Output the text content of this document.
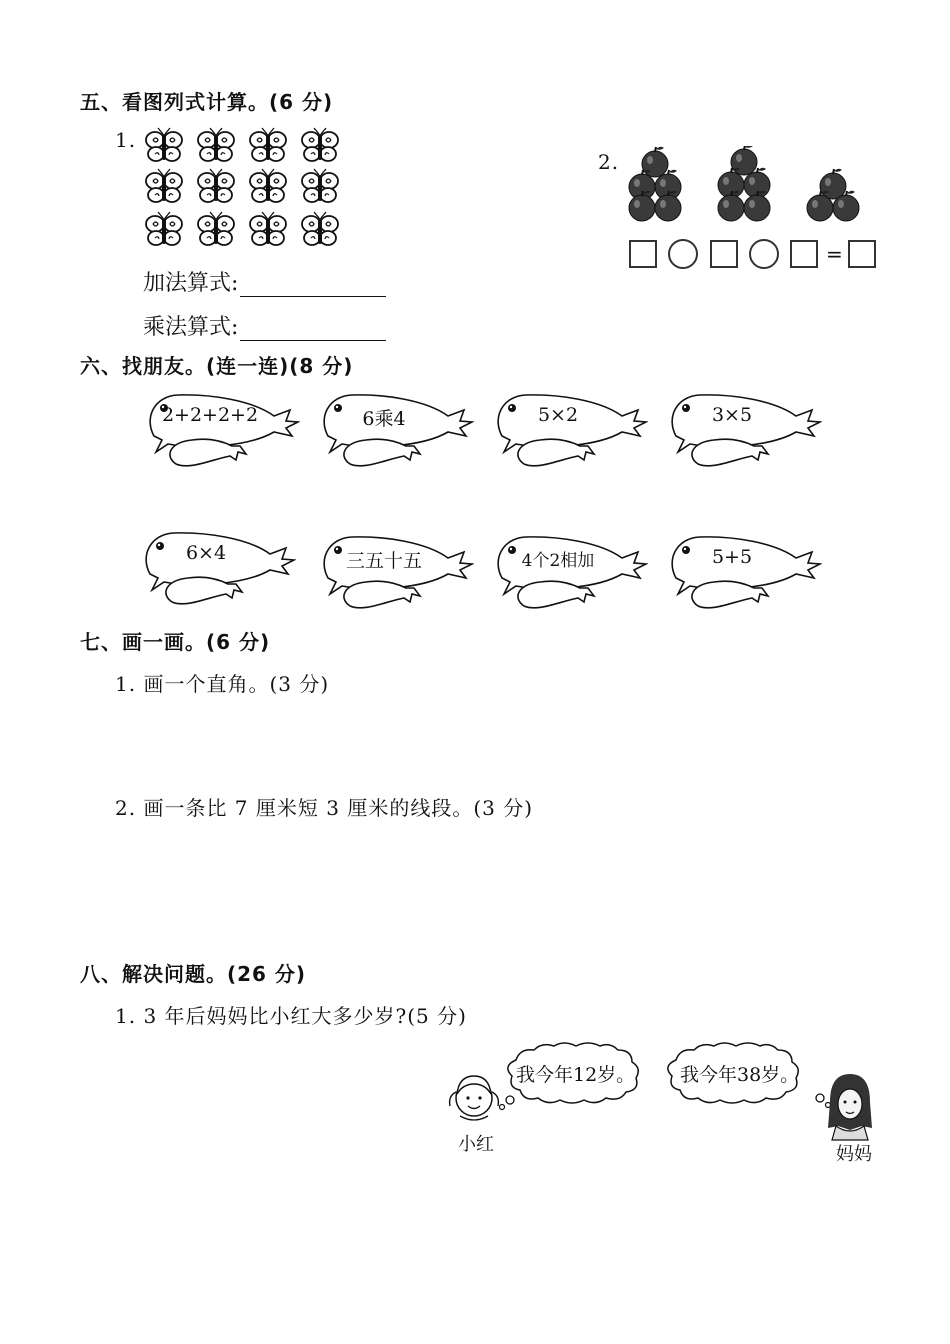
五、看图列式计算。(6 分)
1.
加法算式:
乘法算式:
2.
=
六、找朋友。(连一连)(8 分)
2+2+2+2	6乘4	5×2	3×5
6×4	三五十五	4个2相加	5+5
七、画一画。(6 分)
1. 画一个直角。(3 分)
2. 画一条比 7 厘米短 3 厘米的线段。(3 分)
八、解决问题。(26 分)
1. 3 年后妈妈比小红大多少岁?(5 分)
我今年12岁。 我今年38岁。
小红	妈妈
